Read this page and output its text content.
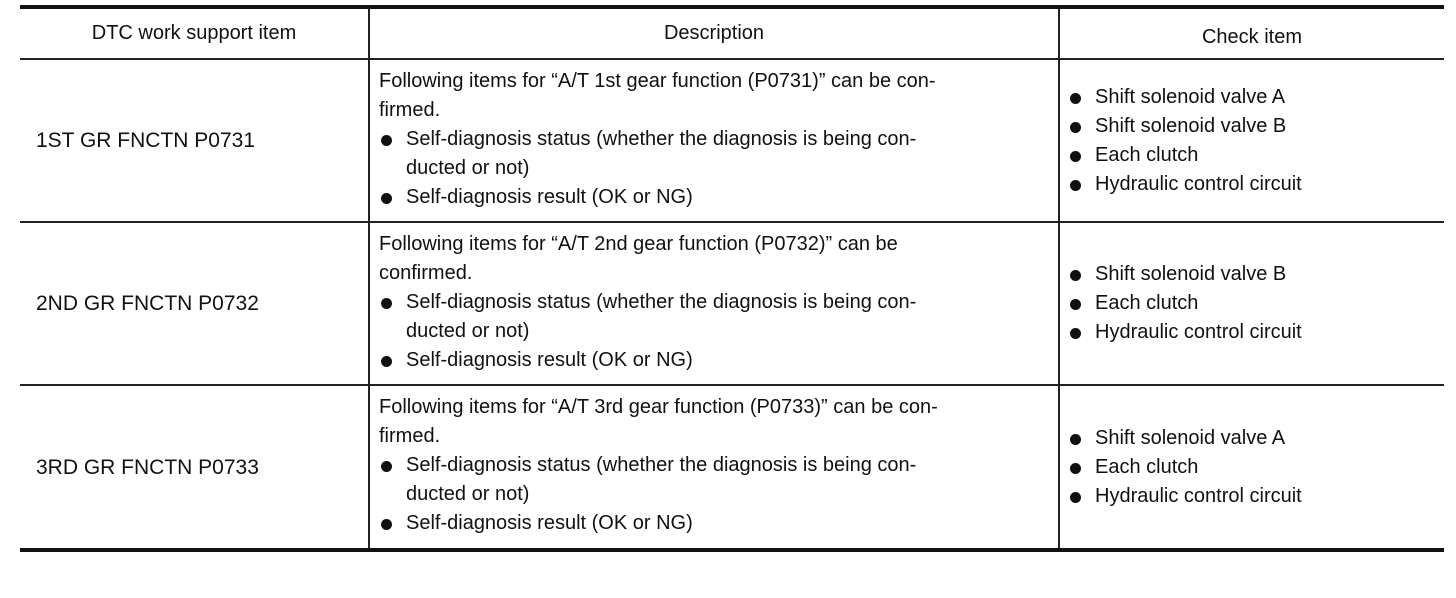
DTC work support item	Description	Check item
1ST GR FNCTN P0731

Following items for “A/T 1st gear function (P0731)” can be con-
firmed.

Self-diagnosis status (whether the diagnosis is being con-
ducted or not)
Self-diagnosis result (OK or NG)
Shift solenoid valve A
Shift solenoid valve B
Each clutch
Hydraulic control circuit
2ND GR FNCTN P0732

Following items for “A/T 2nd gear function (P0732)” can be
confirmed.

Self-diagnosis status (whether the diagnosis is being con-
ducted or not)
Self-diagnosis result (OK or NG)
Shift solenoid valve B
Each clutch
Hydraulic control circuit
3RD GR FNCTN P0733

Following items for “A/T 3rd gear function (P0733)” can be con-
firmed.

Self-diagnosis status (whether the diagnosis is being con-
ducted or not)
Self-diagnosis result (OK or NG)
Shift solenoid valve A
Each clutch
Hydraulic control circuit
